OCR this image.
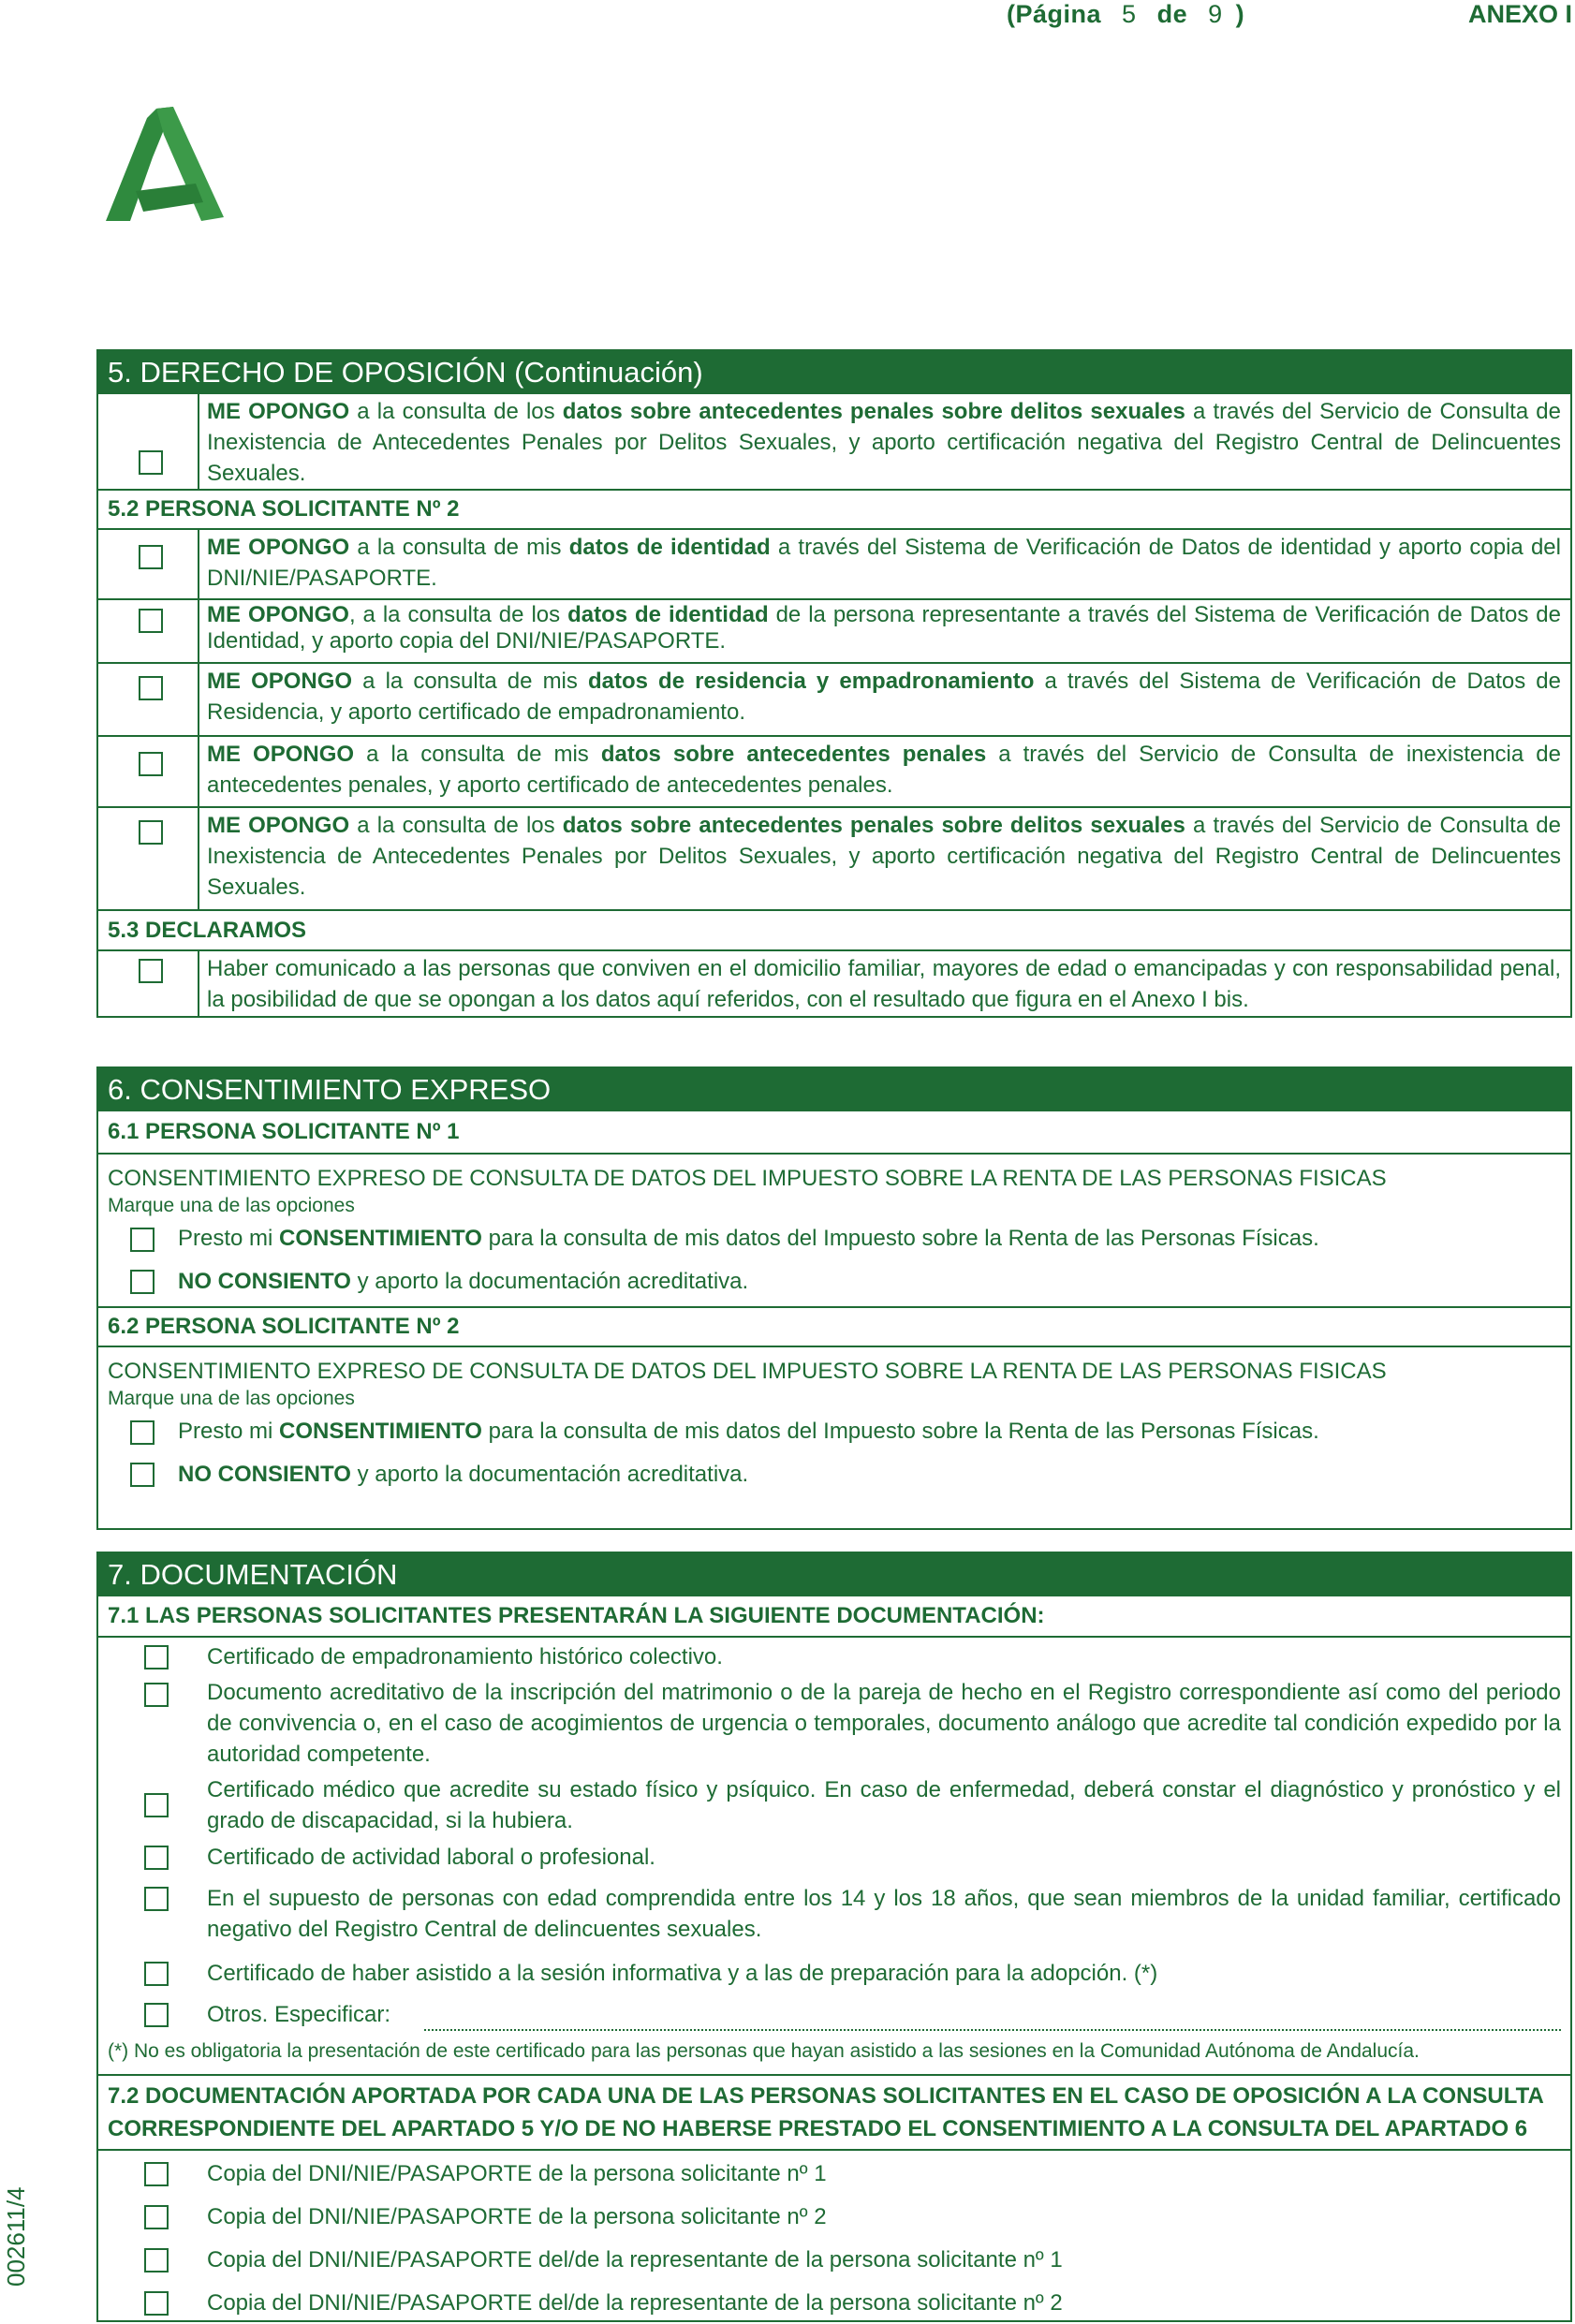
(Página 5 de 9 )	ANEXO I
002611/4
5. DERECHO DE OPOSICIÓN (Continuación)
ME OPONGO a la consulta de los datos sobre antecedentes penales sobre delitos sexuales a través del Servicio de Consulta de Inexistencia de Antecedentes Penales por Delitos Sexuales, y aporto certificación negativa del Registro Central de Delincuentes Sexuales.
5.2 PERSONA SOLICITANTE Nº 2
ME OPONGO a la consulta de mis datos de identidad a través del Sistema de Verificación de Datos de identidad y aporto copia del DNI/NIE/PASAPORTE.
ME OPONGO, a la consulta de los datos de identidad de la persona representante a través del Sistema de Verificación de Datos de Identidad, y aporto copia del DNI/NIE/PASAPORTE.
ME OPONGO a la consulta de mis datos de residencia y empadronamiento a través del Sistema de Verificación de Datos de Residencia, y aporto certificado de empadronamiento.
ME OPONGO a la consulta de mis datos sobre antecedentes penales a través del Servicio de Consulta de inexistencia de antecedentes penales, y aporto certificado de antecedentes penales.
ME OPONGO a la consulta de los datos sobre antecedentes penales sobre delitos sexuales a través del Servicio de Consulta de Inexistencia de Antecedentes Penales por Delitos Sexuales, y aporto certificación negativa del Registro Central de Delincuentes Sexuales.
5.3 DECLARAMOS
Haber comunicado a las personas que conviven en el domicilio familiar, mayores de edad o emancipadas y con responsabilidad penal, la posibilidad de que se opongan a los datos aquí referidos, con el resultado que figura en el Anexo I bis.
6. CONSENTIMIENTO EXPRESO
6.1 PERSONA SOLICITANTE Nº 1
CONSENTIMIENTO EXPRESO DE CONSULTA DE DATOS DEL IMPUESTO SOBRE LA RENTA DE LAS PERSONAS FISICAS
Marque una de las opciones
Presto mi CONSENTIMIENTO para la consulta de mis datos del Impuesto sobre la Renta de las Personas Físicas.
NO CONSIENTO y aporto la documentación acreditativa.
6.2 PERSONA SOLICITANTE Nº 2
CONSENTIMIENTO EXPRESO DE CONSULTA DE DATOS DEL IMPUESTO SOBRE LA RENTA DE LAS PERSONAS FISICAS
Marque una de las opciones
Presto mi CONSENTIMIENTO para la consulta de mis datos del Impuesto sobre la Renta de las Personas Físicas.
NO CONSIENTO y aporto la documentación acreditativa.
7. DOCUMENTACIÓN
7.1 LAS PERSONAS SOLICITANTES PRESENTARÁN LA SIGUIENTE DOCUMENTACIÓN:
Certificado de empadronamiento histórico colectivo.
Documento acreditativo de la inscripción del matrimonio o de la pareja de hecho en el Registro correspondiente así como del periodo de convivencia o, en el caso de acogimientos de urgencia o temporales, documento análogo que acredite tal condición expedido por la autoridad competente.
Certificado médico que acredite su estado físico y psíquico. En caso de enfermedad, deberá constar el diagnóstico y pronóstico y el grado de discapacidad, si la hubiera.
Certificado de actividad laboral o profesional.
En el supuesto de personas con edad comprendida entre los 14 y los 18 años, que sean miembros de la unidad familiar, certificado negativo del Registro Central de delincuentes sexuales.
Certificado de haber asistido a la sesión informativa y a las de preparación para la adopción. (*)
Otros. Especificar:
(*) No es obligatoria la presentación de este certificado para las personas que hayan asistido a las sesiones en la Comunidad Autónoma de Andalucía.
7.2 DOCUMENTACIÓN APORTADA POR CADA UNA DE LAS PERSONAS SOLICITANTES EN EL CASO DE OPOSICIÓN A LA CONSULTA CORRESPONDIENTE DEL APARTADO 5 Y/O DE NO HABERSE PRESTADO EL CONSENTIMIENTO A LA CONSULTA DEL APARTADO 6
Copia del DNI/NIE/PASAPORTE de la persona solicitante nº 1
Copia del DNI/NIE/PASAPORTE de la persona solicitante nº 2
Copia del DNI/NIE/PASAPORTE del/de la representante de la persona solicitante nº 1
Copia del DNI/NIE/PASAPORTE del/de la representante de la persona solicitante nº 2
